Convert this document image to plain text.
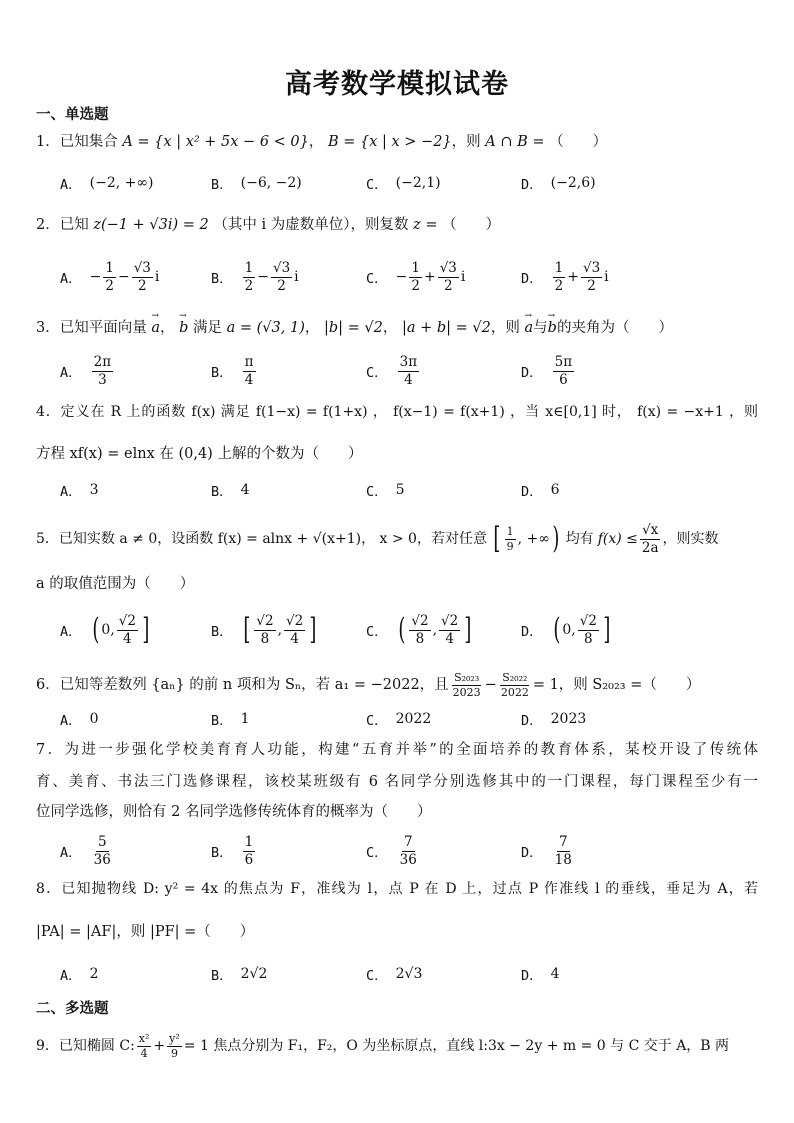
高考数学模拟试卷
一、单选题
1．已知集合 A = {x | x² + 5x − 6 < 0}， B = {x | x > −2}，则 A ∩ B = （　　）
A． (−2, +∞)	B． (−6, −2)	C． (−2,1)	D． (−2,6)
2．已知 z(−1 + √3i) = 2 （其中 i 为虚数单位），则复数 z = （　　）
A． − $\frac{1}{2} - \frac{√3}{2}$ i	B． $\frac{1}{2} - \frac{√3}{2}$ i	C． − $\frac{1}{2} + \frac{√3}{2}$ i	D． $\frac{1}{2} + \frac{√3}{2}$ i
3．已知平面向量 → a， → b 满足 a = (√3, 1)， |b| = √2， |a + b| = √2，则 → a与→ b的夹角为（　　）
A． $\frac{2\pi}{3}$	B． $\frac{\pi}{4}$	C． $\frac{3\pi}{4}$	D． $\frac{5\pi}{6}$
4．定义在 R 上的函数 f(x) 满足 f(1−x) = f(1+x) ， f(x−1) = f(x+1) ，当 x∈[0,1] 时， f(x) = −x+1 ，则
方程 xf(x) = elnx 在 (0,4) 上解的个数为（　　）
A． 3	B． 4	C． 5	D． 6
5．已知实数 a ≠ 0，设函数 f(x) = alnx + √(x+1)， x > 0，若对任意 [ $\frac{1}{9}$ , +∞ ) 均有 $f(x) \le \frac{√x}{2a}$ ，则实数
a 的取值范围为（　　）
A． ( 0, $\frac{√2}{4}$ ]	B． [ $\frac{√2}{8}$ , $\frac{√2}{4}$ ]	C． ( $\frac{√2}{8}$ , $\frac{√2}{4}$ ]	D． ( 0, $\frac{√2}{8}$ ]
6．已知等差数列 {aₙ} 的前 n 项和为 Sₙ，若 a₁ = −2022，且 $\frac{\text{S₂₀₂₃}}{2023} - \frac{\text{S₂₀₂₂}}{2022} = 1$，则 S₂₀₂₃ =（　　）
A． 0	B． 1	C． 2022	D． 2023
7．为进一步强化学校美育育人功能，构建“五育并举”的全面培养的教育体系，某校开设了传统体
育、美育、书法三门选修课程，该校某班级有 6 名同学分别选修其中的一门课程，每门课程至少有一
位同学选修，则恰有 2 名同学选修传统体育的概率为（　　）
A． $\frac{5}{36}$	B． $\frac{1}{6}$	C． $\frac{7}{36}$	D． $\frac{7}{18}$
8．已知抛物线 D: y² = 4x 的焦点为 F，准线为 l，点 P 在 D 上，过点 P 作准线 l 的垂线，垂足为 A，若
|PA| = |AF|，则 |PF| =（　　）
A． 2	B． 2√2	C． 2√3	D． 4
二、多选题
9．已知椭圆 C: $\frac{\text{x²}}{4} + \frac{\text{y²}}{9} = 1$ 焦点分别为 F₁，F₂，O 为坐标原点，直线 l:3x − 2y + m = 0 与 C 交于 A，B 两
